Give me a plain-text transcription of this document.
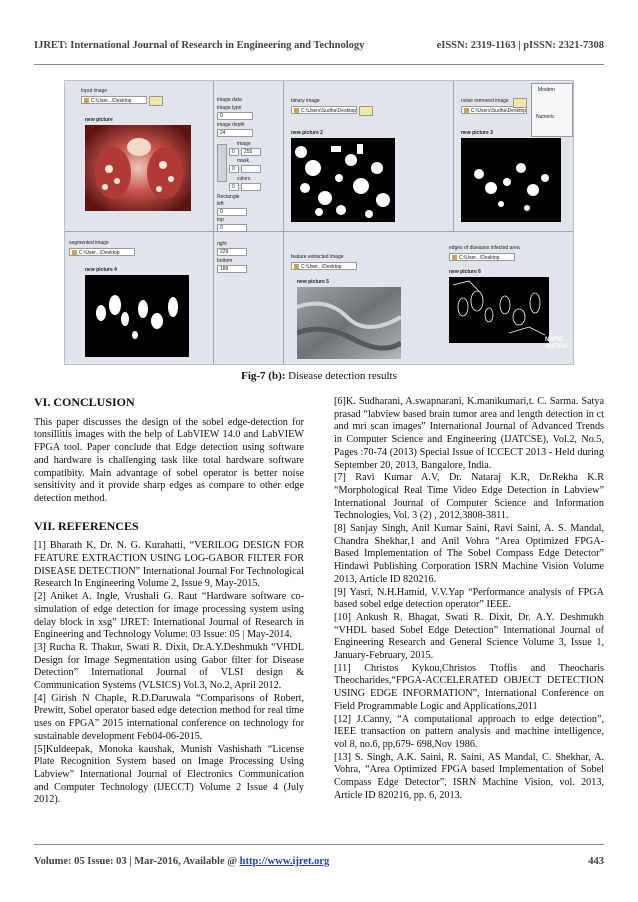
IJRET: International Journal of Research in Engineering and Technology	eISSN: 2319-1163 | pISSN: 2321-7308
Input image
C:\User...\Desktop
new picture
image data
image type
0
image depth
24
image
0	255
mask
0
colors
0
Rectangle
left
0
top
0
right
229
bottom
189
binary image
C:\Users\Sudha\Desktop
new picture 2
noise removed image
C:\Users\Sudha\Desktop
Modern
Numeric
new picture 3
segmented image
C:\User...\Desktop
new picture 4
feature extracted image
C:\User...\Desktop
new picture 5
edges of diseases infected area
C:\User...\Desktop
new picture 6
NATIO INSTRU
Fig-7 (b): Disease detection results
VI. CONCLUSION

This paper discusses the design of the sobel edge-detection for tonsillitis images with the help of LabVIEW 14.0 and LabVIEW FPGA tool. Paper conclude that Edge detection using software and hardware is challenging task like total hardware software compatibity. Main advantage of sobel operator is better noise sensitivity and it provide sharp edges as compare to other edge detection method.

VII. REFERENCES

[1] Bharath K, Dr. N. G. Kurahatti, “VERILOG DESIGN FOR FEATURE EXTRACTION USING LOG-GABOR FILTER FOR DISEASE DETECTION” International Journal For Technological Research In Engineering Volume 2, Issue 9, May-2015.

[2] Aniket A. Ingle, Vrushali G. Raut “Hardware software co-simulation of edge detection for image processing system using delay block in xsg” IJRET: International Journal of Research in Engineering and Technology Volume: 03 Issue: 05 | May-2014.

[3] Rucha R. Thakur, Swati R. Dixit, Dr.A.Y.Deshmukh “VHDL Design for Image Segmentation using Gabor filter for Disease Detection” International Journal of VLSI design & Communication Systems (VLSICS) Vol.3, No.2, April 2012.

[4] Girish N Chaple, R.D.Daruwala “Comparisons of Robert, Prewitt, Sobel operator based edge detection method for real time uses on FPGA” 2015 international conference on technology for sustainable development Feb04-06-2015.

[5]Kuldeepak, Monoka kaushak, Munish Vashishath “License Plate Recognition System based on Image Processing Using Labview” International Journal of Electronics Communication and Computer Technology (IJECCT) Volume 2 Issue 4 (July 2012).

[6]K. Sudharani, A.swapnarani, K.manikumari,t. C. Sarma. Satya prasad “labview based brain tumor area and length detection in ct and mri scan images” International Journal of Advanced Trends in Computer Science and Engineering (IJATCSE), Vol.2, No.5, Pages :70-74 (2013) Special Issue of ICCECT 2013 - Held during September 20, 2013, Bangalore, India.

[7] Ravi Kumar A.V, Dr. Nataraj K.R, Dr.Rekha K.R “Morphological Real Time Video Edge Detection in Labview” International Journal of Computer Science and Information Technologies, Vol. 3 (2) , 2012,3808-3811.

[8] Sanjay Singh, Anil Kumar Saini, Ravi Saini, A. S. Mandal, Chandra Shekhar,1 and Anil Vohra “Area Optimized FPGA-Based Implementation of The Sobel Compass Edge Detector” Hindawi Publishing Corporation ISRN Machine Vision Volume 2013, Article ID 820216.

[9] Yasri, N.H.Hamid, V.V.Yap “Performance analysis of FPGA based sobel edge detection operator” IEEE.

[10] Ankush R. Bhagat, Swati R. Dixit, Dr. A.Y. Deshmukh “VHDL based Sobel Edge Detection” International Journal of Engineering Research and General Science Volume 3, Issue 1, January-February, 2015.

[11] Christos Kykou,Christos Ttoffis and Theocharis Theocharides,“FPGA-ACCELERATED OBJECT DETECTION USING EDGE INFORMATION”, International Conference on Field Programmable Logic and Applications,2011

[12] J.Canny, “A computational approach to edge detection”, IEEE transaction on pattern analysis and machine intelligence, vol 8, no.6, pp,679- 698,Nov 1986.

[13] S. Singh, A.K. Saini, R. Saini, AS Mandal, C. Shekhar, A. Vohra, “Area Optimized FPGA based Implementation of Sobel Compass Edge Detector”, ISRN Machine Vision, vol. 2013, Article ID 820216, pp. 6, 2013.

Volume: 05 Issue: 03 | Mar-2016, Available @ http://www.ijret.org	443
